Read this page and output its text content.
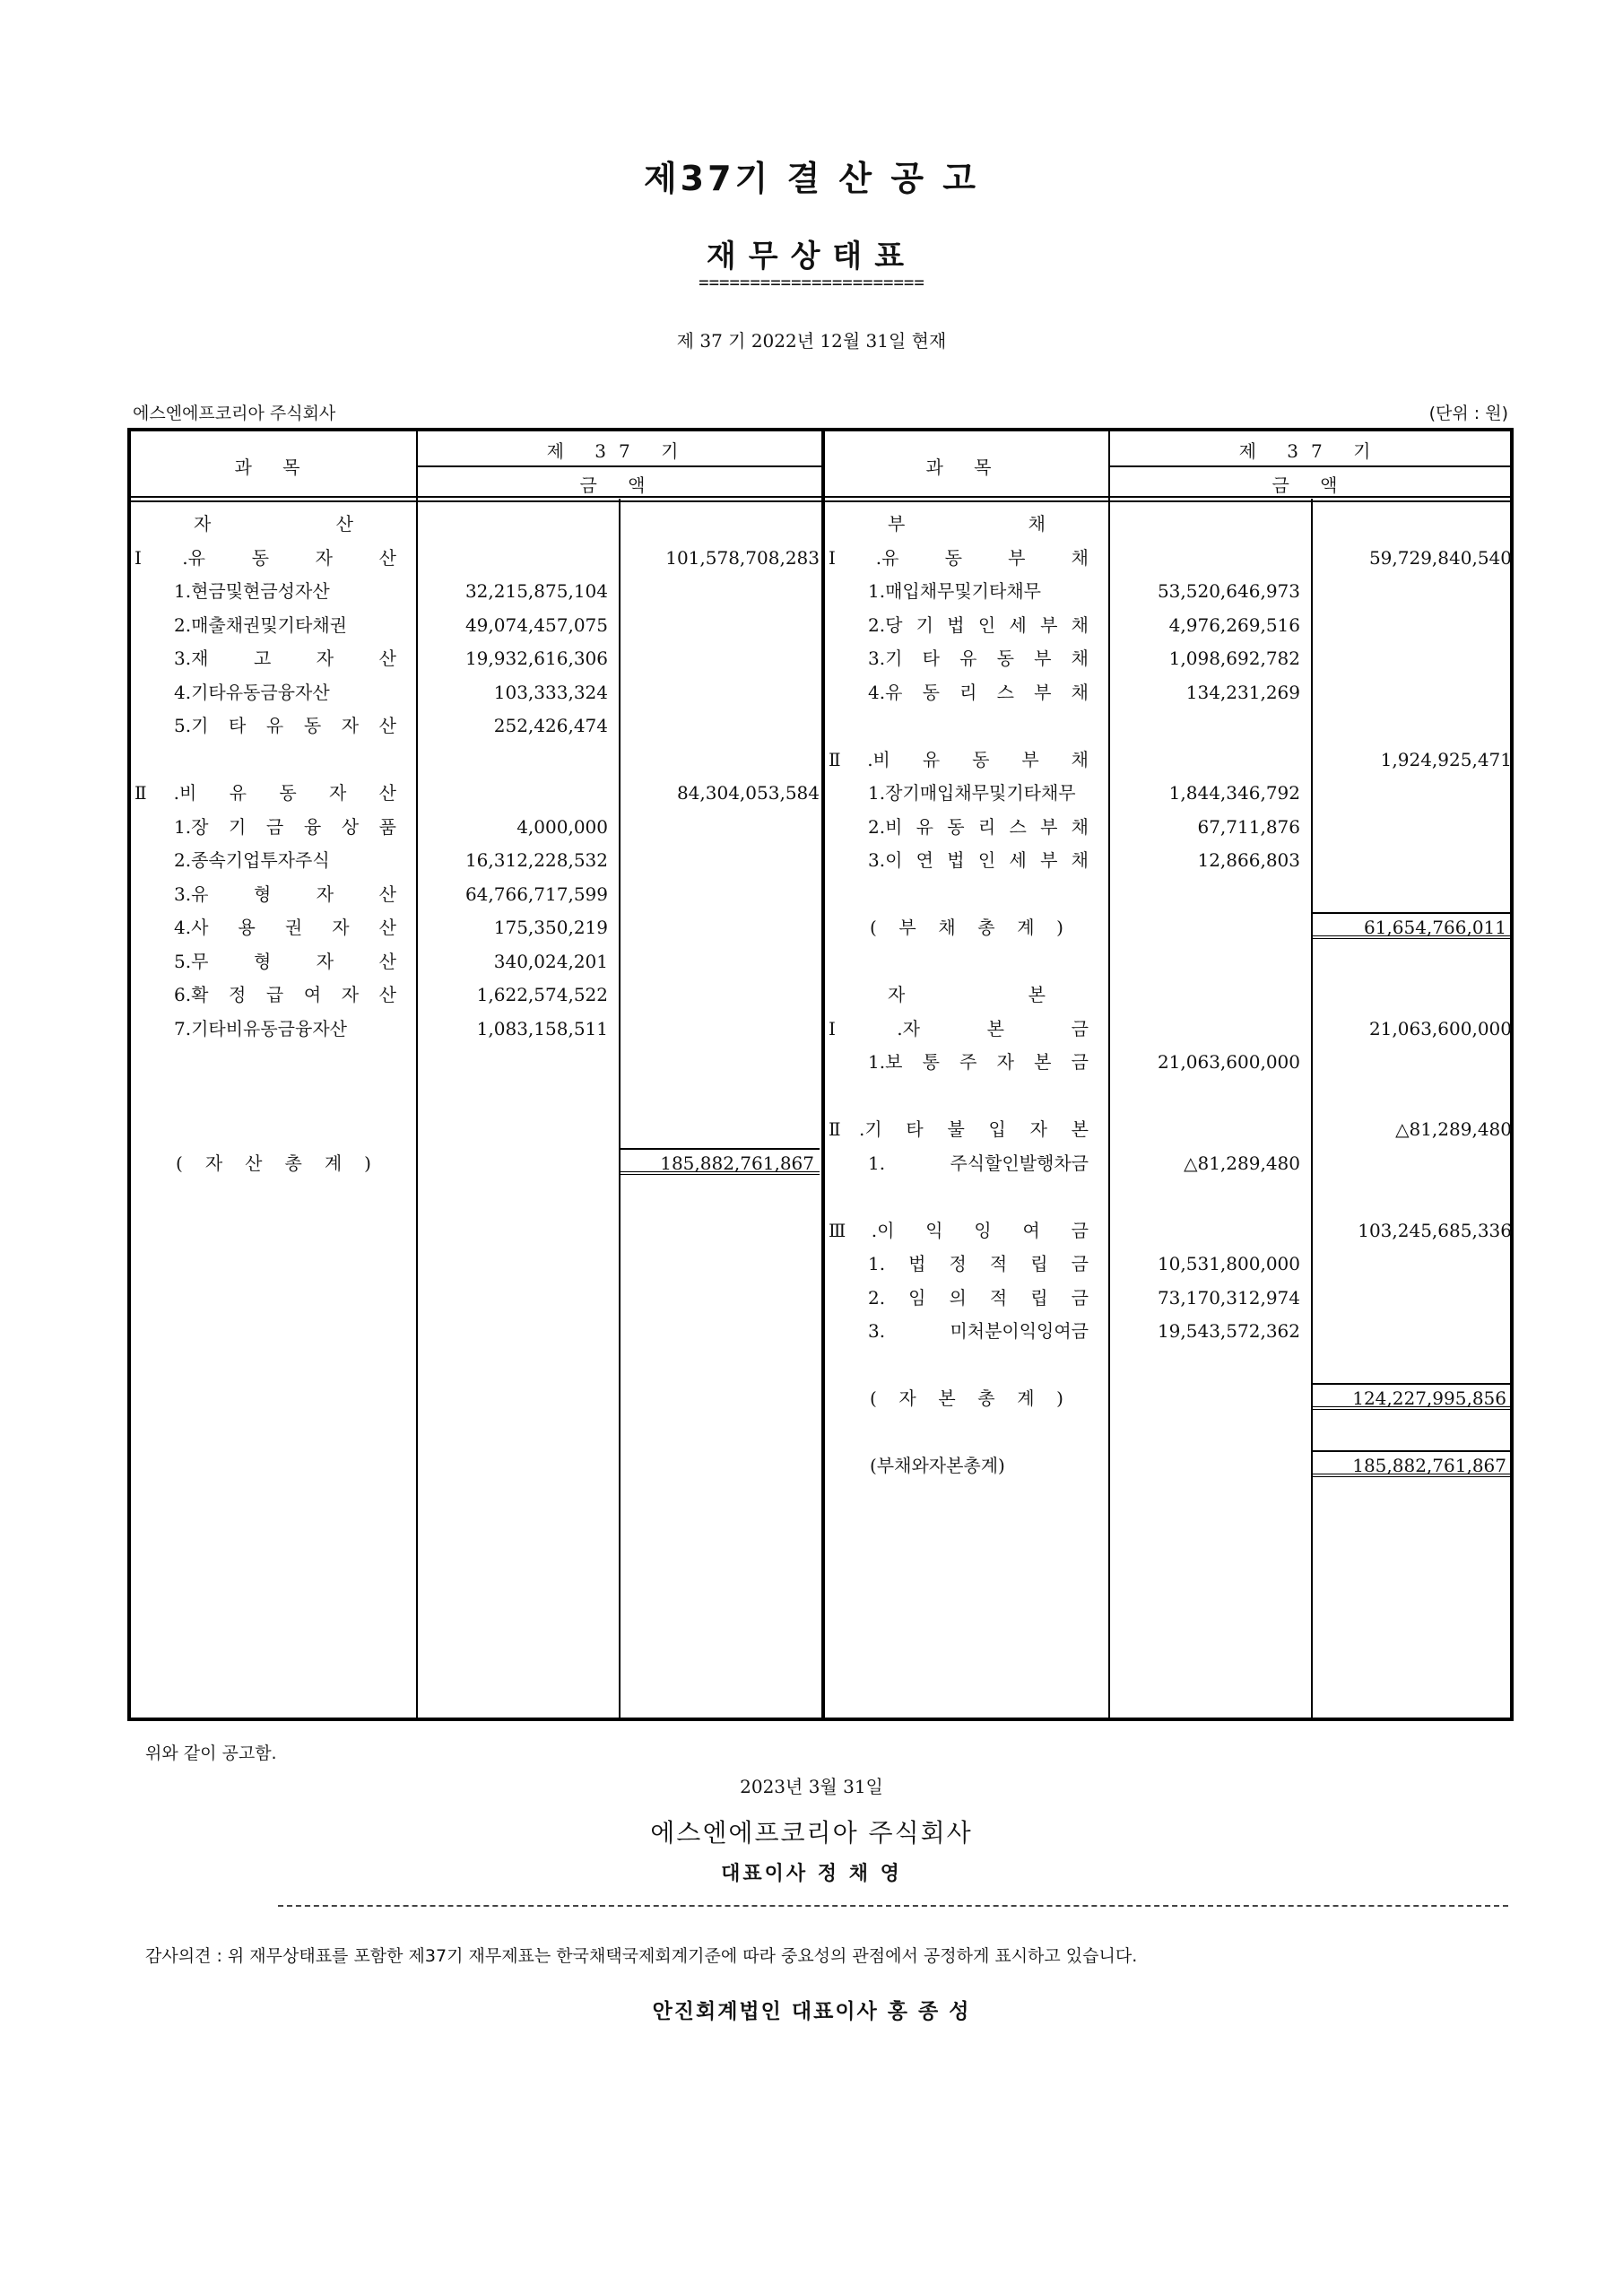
제37기 결 산 공 고
재무상태표
======================
제 37 기 2022년 12월 31일 현재
에스엔에프코리아 주식회사	(단위 : 원)
과 목
제 37 기
금 액
과 목
제 37 기
금 액
자 산
Ⅰ.유 동 자 산	101,578,708,283
1.현금및현금성자산	32,215,875,104
2.매출채권및기타채권	49,074,457,075
3.재 고 자 산	19,932,616,306
4.기타유동금융자산	103,333,324
5.기 타 유 동 자 산	252,426,474
Ⅱ.비 유 동 자 산	84,304,053,584
1.장 기 금 융 상 품	4,000,000
2.종속기업투자주식	16,312,228,532
3.유 형 자 산	64,766,717,599
4.사 용 권 자 산	175,350,219
5.무 형 자 산	340,024,201
6.확 정 급 여 자 산	1,622,574,522
7.기타비유동금융자산	1,083,158,511
( 자 산 총 계 )	185,882,761,867
부 채
Ⅰ.유 동 부 채	59,729,840,540
1.매입채무및기타채무	53,520,646,973
2.당 기 법 인 세 부 채	4,976,269,516
3.기 타 유 동 부 채	1,098,692,782
4.유 동 리 스 부 채	134,231,269
Ⅱ.비 유 동 부 채	1,924,925,471
1.장기매입채무및기타채무	1,844,346,792
2.비 유 동 리 스 부 채	67,711,876
3.이 연 법 인 세 부 채	12,866,803
( 부 채 총 계 )	61,654,766,011
자 본
Ⅰ.자 본 금	21,063,600,000
1.보 통 주 자 본 금	21,063,600,000
Ⅱ.기 타 불 입 자 본	△81,289,480
1. 주식할인발행차금	△81,289,480
Ⅲ.이 익 잉 여 금	103,245,685,336
1. 법 정 적 립 금	10,531,800,000
2. 임 의 적 립 금	73,170,312,974
3. 미처분이익잉여금	19,543,572,362
( 자 본 총 계 )	124,227,995,856
(부채와자본총계)	185,882,761,867
위와 같이 공고함.
2023년 3월 31일
에스엔에프코리아 주식회사
대표이사 정 채 영
감사의견 : 위 재무상태표를 포함한 제37기 재무제표는 한국채택국제회계기준에 따라 중요성의 관점에서 공정하게 표시하고 있습니다.
안진회계법인 대표이사 홍 종 성
